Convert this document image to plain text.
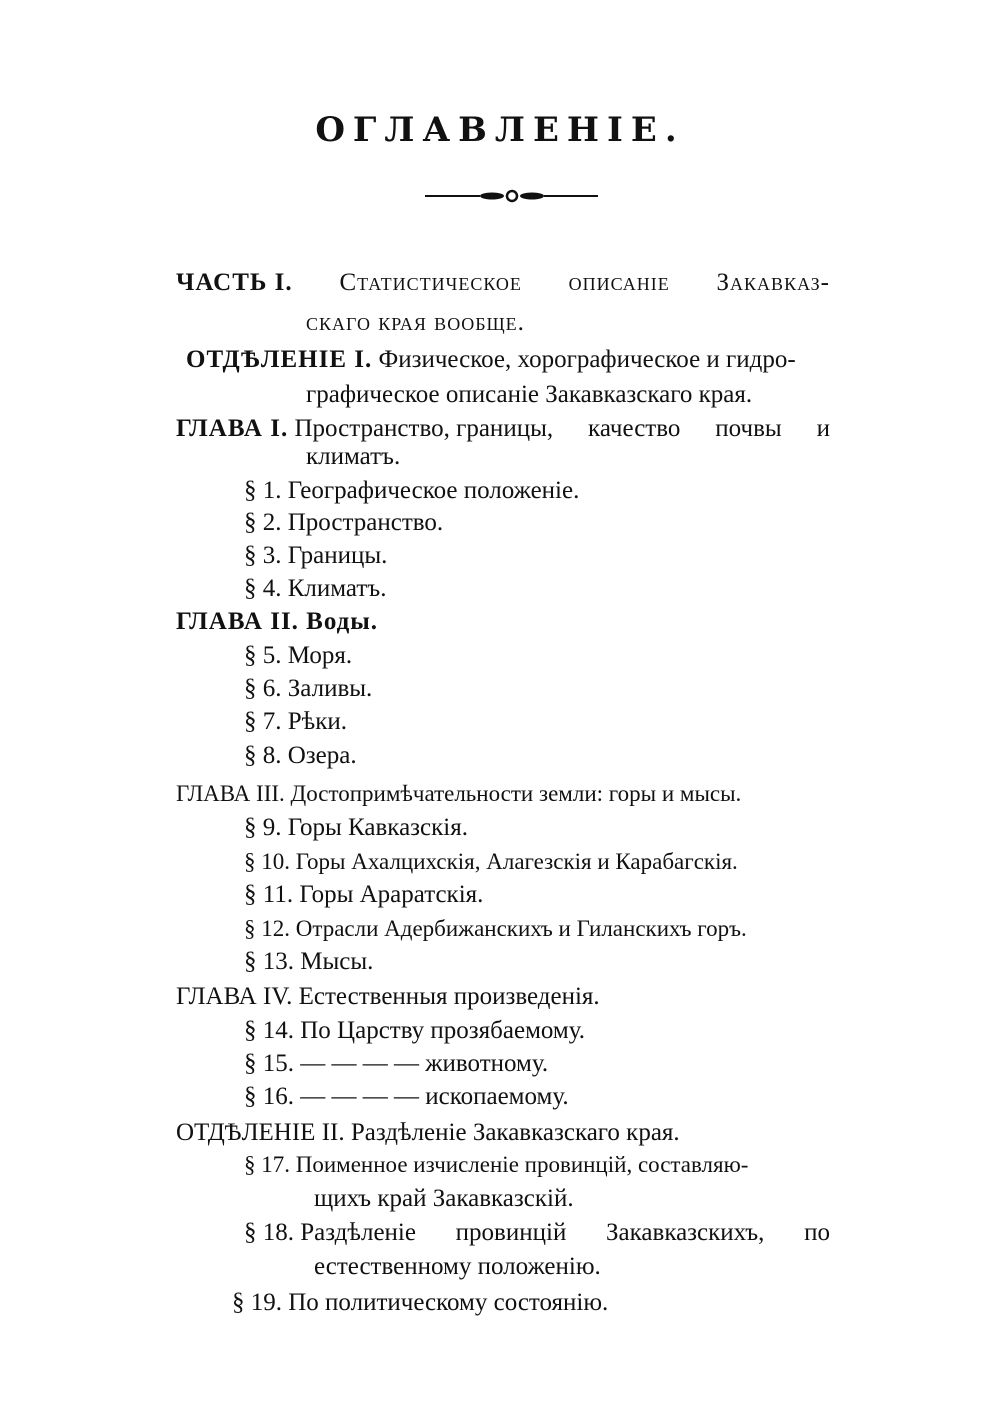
ОГЛАВЛЕНІЕ.
ЧАСТЬ I. Статистическое описаніе Закавказ-
скаго края вообще.
ОТДѢЛЕНІЕ I. Физическое, хорографическое и гидро-
графическое описаніе Закавказскаго края.
ГЛАВА I. Пространство, границы, качество почвы и
климатъ.
§ 1. Географическое положеніе.
§ 2. Пространство.
§ 3. Границы.
§ 4. Климатъ.
ГЛАВА II. Воды.
§ 5. Моря.
§ 6. Заливы.
§ 7. Рѣки.
§ 8. Озера.
ГЛАВА III. Достопримѣчательности земли: горы и мысы.
§ 9. Горы Кавказскія.
§ 10. Горы Ахалцихскія, Алагезскія и Карабагскія.
§ 11. Горы Араратскія.
§ 12. Отрасли Адербижанскихъ и Гиланскихъ горъ.
§ 13. Мысы.
ГЛАВА IV. Естественныя произведенія.
§ 14. По Царству прозябаемому.
§ 15. — — — — животному.
§ 16. — — — — ископаемому.
ОТДѢЛЕНІЕ II. Раздѣленіе Закавказскаго края.
§ 17. Поименное изчисленіе провинцій, составляю-
щихъ край Закавказскій.
§ 18. Раздѣленіе провинцій Закавказскихъ, по
естественному положенію.
§ 19. По политическому состоянію.
